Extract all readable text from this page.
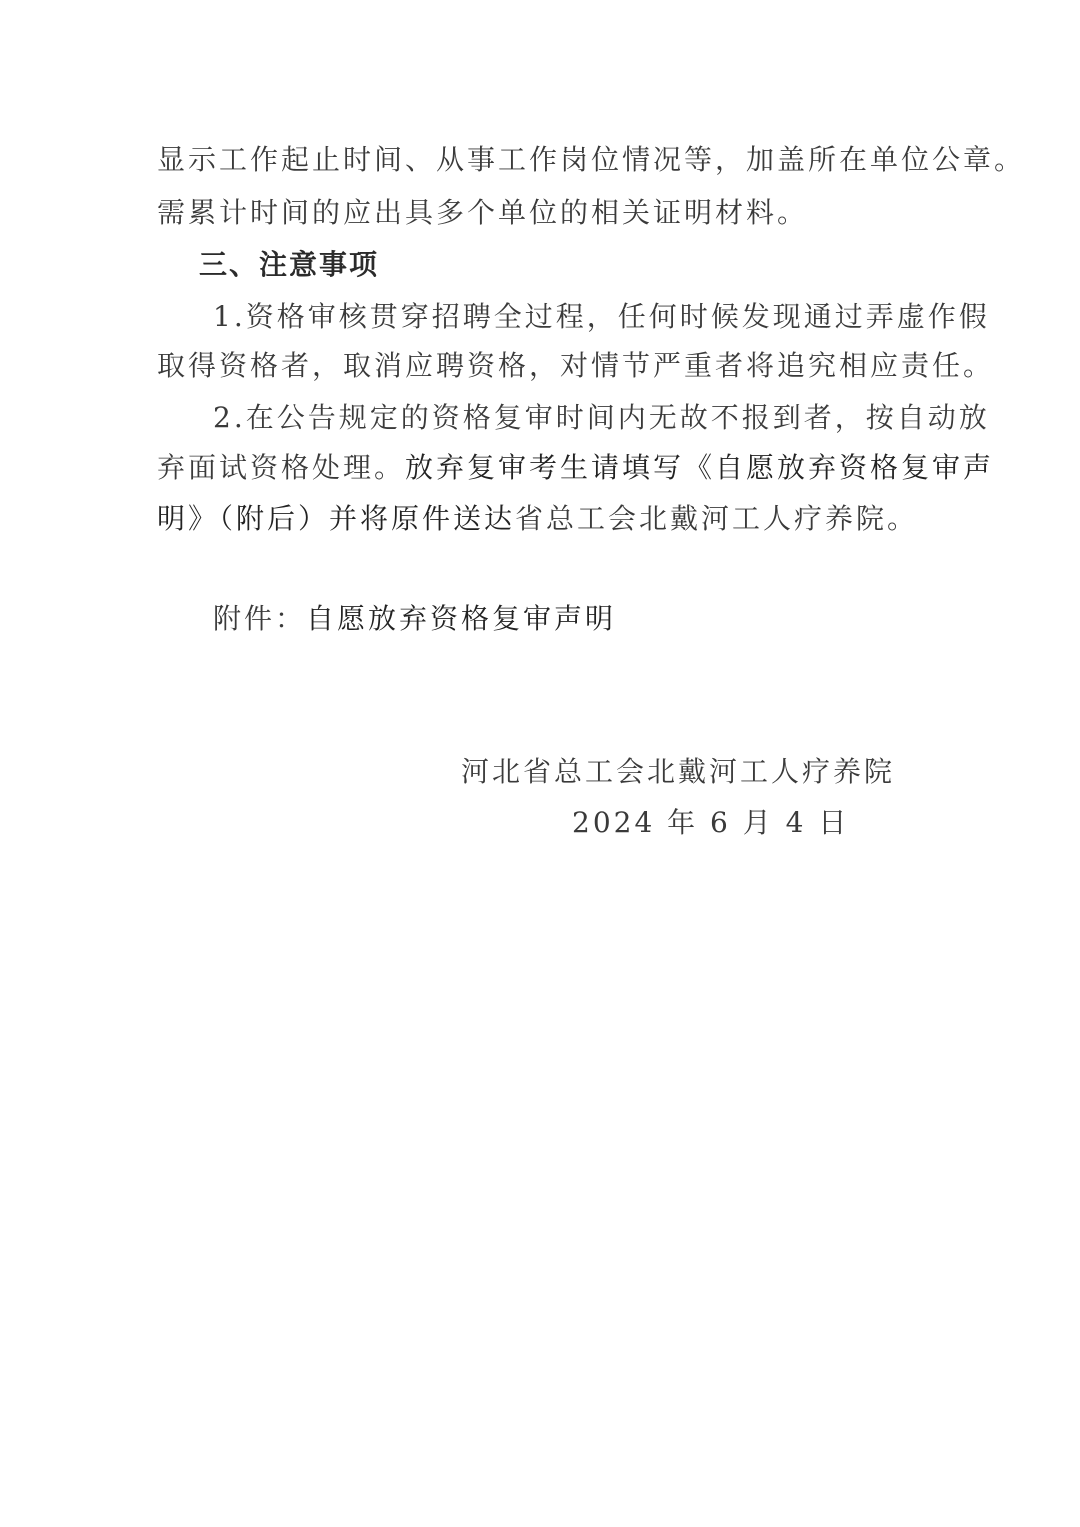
显示工作起止时间、从事工作岗位情况等，加盖所在单位公章。
需累计时间的应出具多个单位的相关证明材料。
三、注意事项
1.资格审核贯穿招聘全过程，任何时候发现通过弄虚作假
取得资格者，取消应聘资格，对情节严重者将追究相应责任。
2.在公告规定的资格复审时间内无故不报到者，按自动放
弃面试资格处理。放弃复审考生请填写《自愿放弃资格复审声
明》（附后）并将原件送达省总工会北戴河工人疗养院。
附件：自愿放弃资格复审声明
河北省总工会北戴河工人疗养院
2024 年 6 月 4 日
